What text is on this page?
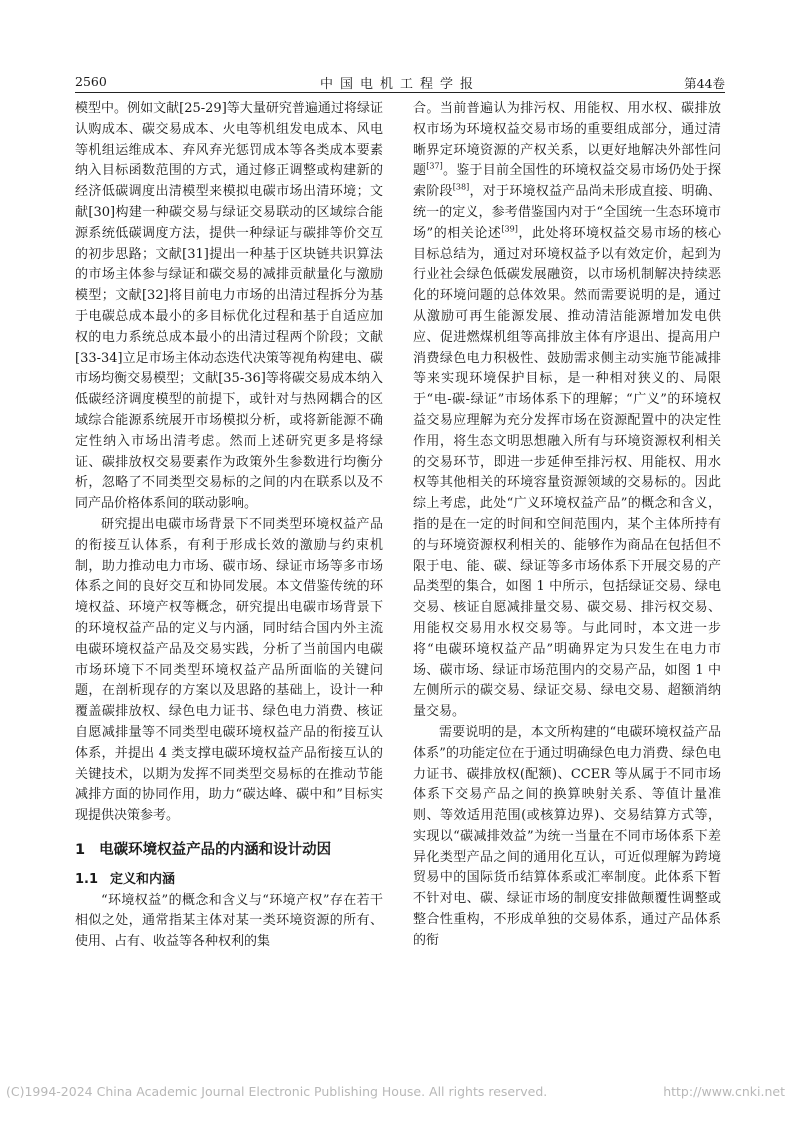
2560	中国电机工程学报	第44卷

模型中。例如文献[25-29]等大量研究普遍通过将绿证认购成本、碳交易成本、火电等机组发电成本、风电等机组运维成本、弃风弃光惩罚成本等各类成本要素纳入目标函数范围的方式，通过修正调整或构建新的经济低碳调度出清模型来模拟电碳市场出清环境；文献[30]构建一种碳交易与绿证交易联动的区域综合能源系统低碳调度方法，提供一种绿证与碳排等价交互的初步思路；文献[31]提出一种基于区块链共识算法的市场主体参与绿证和碳交易的减排贡献量化与激励模型；文献[32]将目前电力市场的出清过程拆分为基于电碳总成本最小的多目标优化过程和基于自适应加权的电力系统总成本最小的出清过程两个阶段；文献[33-34]立足市场主体动态迭代决策等视角构建电、碳市场均衡交易模型；文献[35-36]等将碳交易成本纳入低碳经济调度模型的前提下，或针对与热网耦合的区域综合能源系统展开市场模拟分析，或将新能源不确定性纳入市场出清考虑。然而上述研究更多是将绿证、碳排放权交易要素作为政策外生参数进行均衡分析，忽略了不同类型交易标的之间的内在联系以及不同产品价格体系间的联动影响。

研究提出电碳市场背景下不同类型环境权益产品的衔接互认体系，有利于形成长效的激励与约束机制，助力推动电力市场、碳市场、绿证市场等多市场体系之间的良好交互和协同发展。本文借鉴传统的环境权益、环境产权等概念，研究提出电碳市场背景下的环境权益产品的定义与内涵，同时结合国内外主流电碳环境权益产品及交易实践，分析了当前国内电碳市场环境下不同类型环境权益产品所面临的关键问题，在剖析现存的方案以及思路的基础上，设计一种覆盖碳排放权、绿色电力证书、绿色电力消费、核证自愿减排量等不同类型电碳环境权益产品的衔接互认体系，并提出 4 类支撑电碳环境权益产品衔接互认的关键技术，以期为发挥不同类型交易标的在推动节能减排方面的协同作用，助力“碳达峰、碳中和”目标实现提供决策参考。

1 电碳环境权益产品的内涵和设计动因
1.1 定义和内涵

“环境权益”的概念和含义与“环境产权”存在若干相似之处，通常指某主体对某一类环境资源的所有、使用、占有、收益等各种权利的集

合。当前普遍认为排污权、用能权、用水权、碳排放权市场为环境权益交易市场的重要组成部分，通过清晰界定环境资源的产权关系，以更好地解决外部性问题[37]。鉴于目前全国性的环境权益交易市场仍处于探索阶段[38]，对于环境权益产品尚未形成直接、明确、统一的定义，参考借鉴国内对于“全国统一生态环境市场”的相关论述[39]，此处将环境权益交易市场的核心目标总结为，通过对环境权益予以有效定价，起到为行业社会绿色低碳发展融资，以市场机制解决持续恶化的环境问题的总体效果。然而需要说明的是，通过从激励可再生能源发展、推动清洁能源增加发电供应、促进燃煤机组等高排放主体有序退出、提高用户消费绿色电力积极性、鼓励需求侧主动实施节能减排等来实现环境保护目标，是一种相对狭义的、局限于“电-碳-绿证”市场体系下的理解；“广义”的环境权益交易应理解为充分发挥市场在资源配置中的决定性作用，将生态文明思想融入所有与环境资源权利相关的交易环节，即进一步延伸至排污权、用能权、用水权等其他相关的环境容量资源领域的交易标的。因此综上考虑，此处“广义环境权益产品”的概念和含义，指的是在一定的时间和空间范围内，某个主体所持有的与环境资源权利相关的、能够作为商品在包括但不限于电、能、碳、绿证等多市场体系下开展交易的产品类型的集合，如图 1 中所示，包括绿证交易、绿电交易、核证自愿减排量交易、碳交易、排污权交易、用能权交易用水权交易等。与此同时，本文进一步将“电碳环境权益产品”明确界定为只发生在电力市场、碳市场、绿证市场范围内的交易产品，如图 1 中左侧所示的碳交易、绿证交易、绿电交易、超额消纳量交易。

需要说明的是，本文所构建的“电碳环境权益产品体系”的功能定位在于通过明确绿色电力消费、绿色电力证书、碳排放权(配额)、CCER 等从属于不同市场体系下交易产品之间的换算映射关系、等值计量准则、等效适用范围(或核算边界)、交易结算方式等，实现以“碳减排效益”为统一当量在不同市场体系下差异化类型产品之间的通用化互认，可近似理解为跨境贸易中的国际货币结算体系或汇率制度。此体系下暂不针对电、碳、绿证市场的制度安排做颠覆性调整或整合性重构，不形成单独的交易体系，通过产品体系的衔

(C)1994-2024 China Academic Journal Electronic Publishing House. All rights reserved.	http://www.cnki.net
